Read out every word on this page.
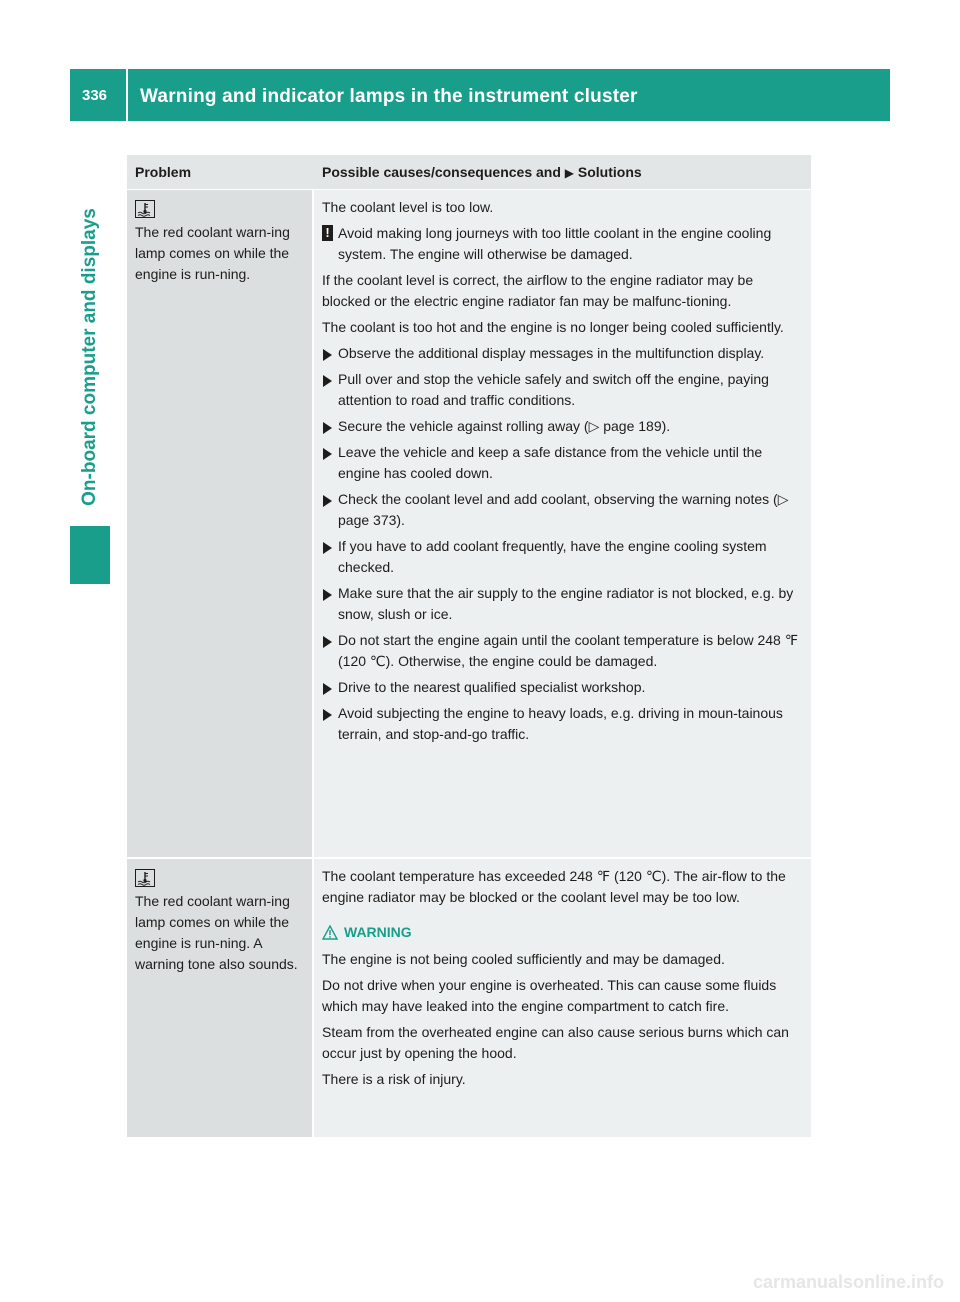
336	Warning and indicator lamps in the instrument cluster
On-board computer and displays
Problem	Possible causes/consequences and ▶ Solutions
The red coolant warn-ing lamp comes on while the engine is run-ning.

The coolant level is too low.

! Avoid making long journeys with too little coolant in the engine cooling system. The engine will otherwise be damaged.

If the coolant level is correct, the airflow to the engine radiator may be blocked or the electric engine radiator fan may be malfunc-tioning.

The coolant is too hot and the engine is no longer being cooled sufficiently.

Observe the additional display messages in the multifunction display.
Pull over and stop the vehicle safely and switch off the engine, paying attention to road and traffic conditions.
Secure the vehicle against rolling away (▷ page 189).
Leave the vehicle and keep a safe distance from the vehicle until the engine has cooled down.
Check the coolant level and add coolant, observing the warning notes (▷ page 373).
If you have to add coolant frequently, have the engine cooling system checked.
Make sure that the air supply to the engine radiator is not blocked, e.g. by snow, slush or ice.
Do not start the engine again until the coolant temperature is below 248 ℉ (120 ℃). Otherwise, the engine could be damaged.
Drive to the nearest qualified specialist workshop.
Avoid subjecting the engine to heavy loads, e.g. driving in moun-tainous terrain, and stop-and-go traffic.
The red coolant warn-ing lamp comes on while the engine is run-ning. A warning tone also sounds.

The coolant temperature has exceeded 248 ℉ (120 ℃). The air-flow to the engine radiator may be blocked or the coolant level may be too low.

WARNING

The engine is not being cooled sufficiently and may be damaged.

Do not drive when your engine is overheated. This can cause some fluids which may have leaked into the engine compartment to catch fire.

Steam from the overheated engine can also cause serious burns which can occur just by opening the hood.

There is a risk of injury.

carmanualsonline.info
